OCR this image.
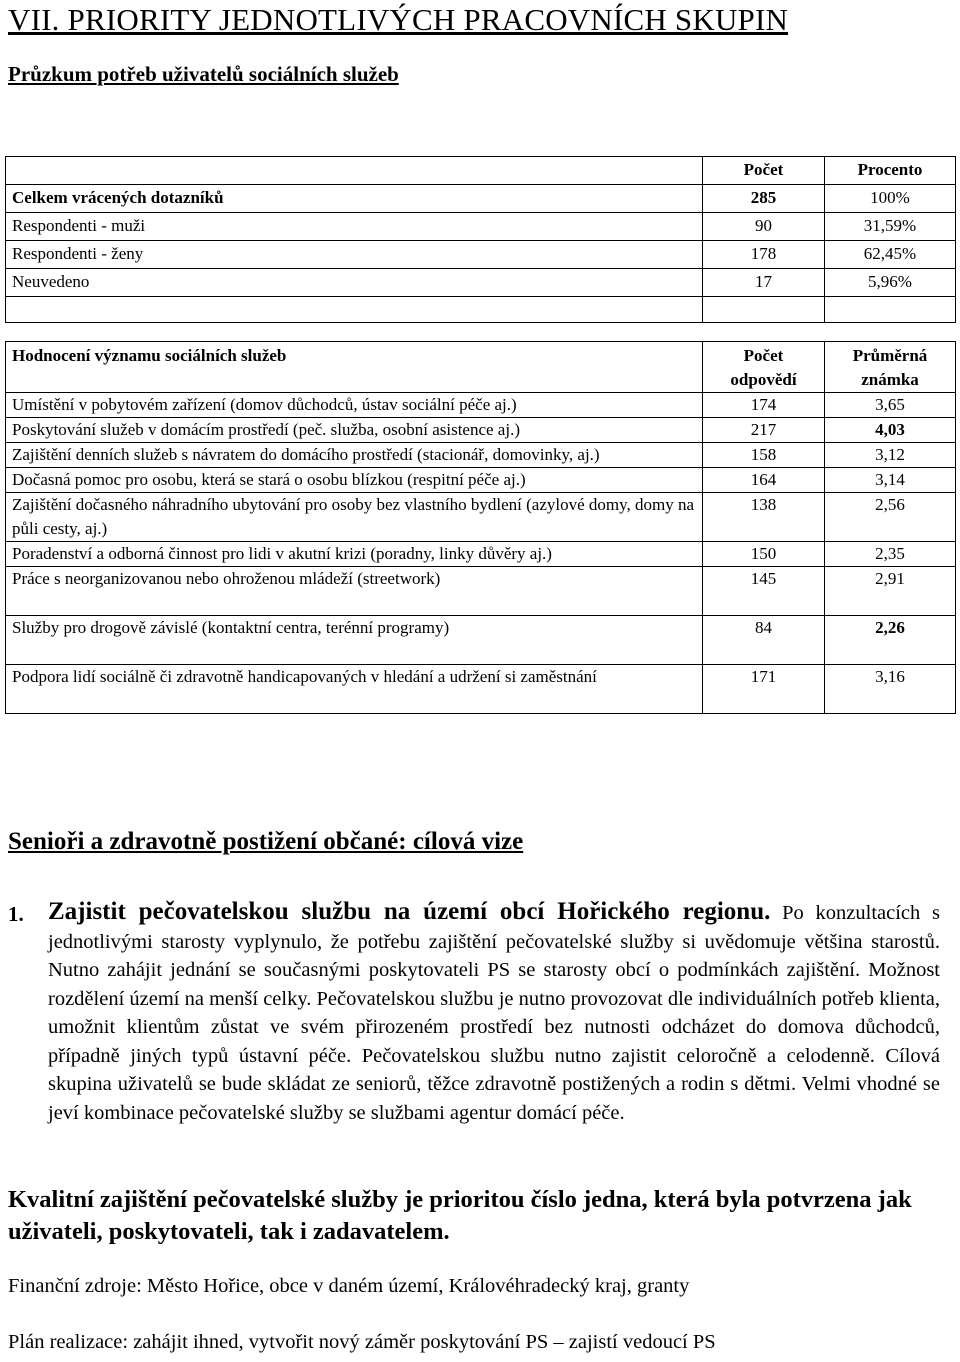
VII. PRIORITY JEDNOTLIVÝCH PRACOVNÍCH SKUPIN
Průzkum potřeb uživatelů sociálních služeb
	Počet	Procento
Celkem vrácených dotazníků	285	100%
Respondenti - muži	90	31,59%
Respondenti - ženy	178	62,45%
Neuvedeno	17	5,96%

Hodnocení významu sociálních služeb	Počet odpovědí	Průměrná známka
Umístění v pobytovém zařízení (domov důchodců, ústav sociální péče aj.)	174	3,65
Poskytování služeb v domácím prostředí (peč. služba, osobní asistence aj.)	217	4,03
Zajištění denních služeb s návratem do domácího prostředí (stacionář, domovinky, aj.)	158	3,12
Dočasná pomoc pro osobu, která se stará o osobu blízkou (respitní péče aj.)	164	3,14
Zajištění dočasného náhradního ubytování pro osoby bez vlastního bydlení (azylové domy, domy na půli cesty, aj.)	138	2,56
Poradenství a odborná činnost pro lidi v akutní krizi (poradny, linky důvěry aj.)	150	2,35
Práce s neorganizovanou nebo ohroženou mládeží (streetwork)	145	2,91
Služby pro drogově závislé (kontaktní centra, terénní programy)	84	2,26
Podpora lidí sociálně či zdravotně handicapovaných v hledání a udržení si zaměstnání	171	3,16
Senioři a zdravotně postižení občané: cílová vize
1. Zajistit pečovatelskou službu na území obcí Hořického regionu. Po konzultacích s jednotlivými starosty vyplynulo, že potřebu zajištění pečovatelské služby si uvědomuje většina starostů. Nutno zahájit jednání se současnými poskytovateli PS se starosty obcí o podmínkách zajištění. Možnost rozdělení území na menší celky. Pečovatelskou službu je nutno provozovat dle individuálních potřeb klienta, umožnit klientům zůstat ve svém přirozeném prostředí bez nutnosti odcházet do domova důchodců, případně jiných typů ústavní péče. Pečovatelskou službu nutno zajistit celoročně a celodenně. Cílová skupina uživatelů se bude skládat ze seniorů, těžce zdravotně postižených a rodin s dětmi. Velmi vhodné se jeví kombinace pečovatelské služby se službami agentur domácí péče.

Kvalitní zajištění pečovatelské služby je prioritou číslo jedna, která byla potvrzena jak uživateli, poskytovateli, tak i zadavatelem.

Finanční zdroje: Město Hořice, obce v daném území, Královéhradecký kraj, granty

Plán realizace: zahájit ihned, vytvořit nový záměr poskytování PS – zajistí vedoucí PS
